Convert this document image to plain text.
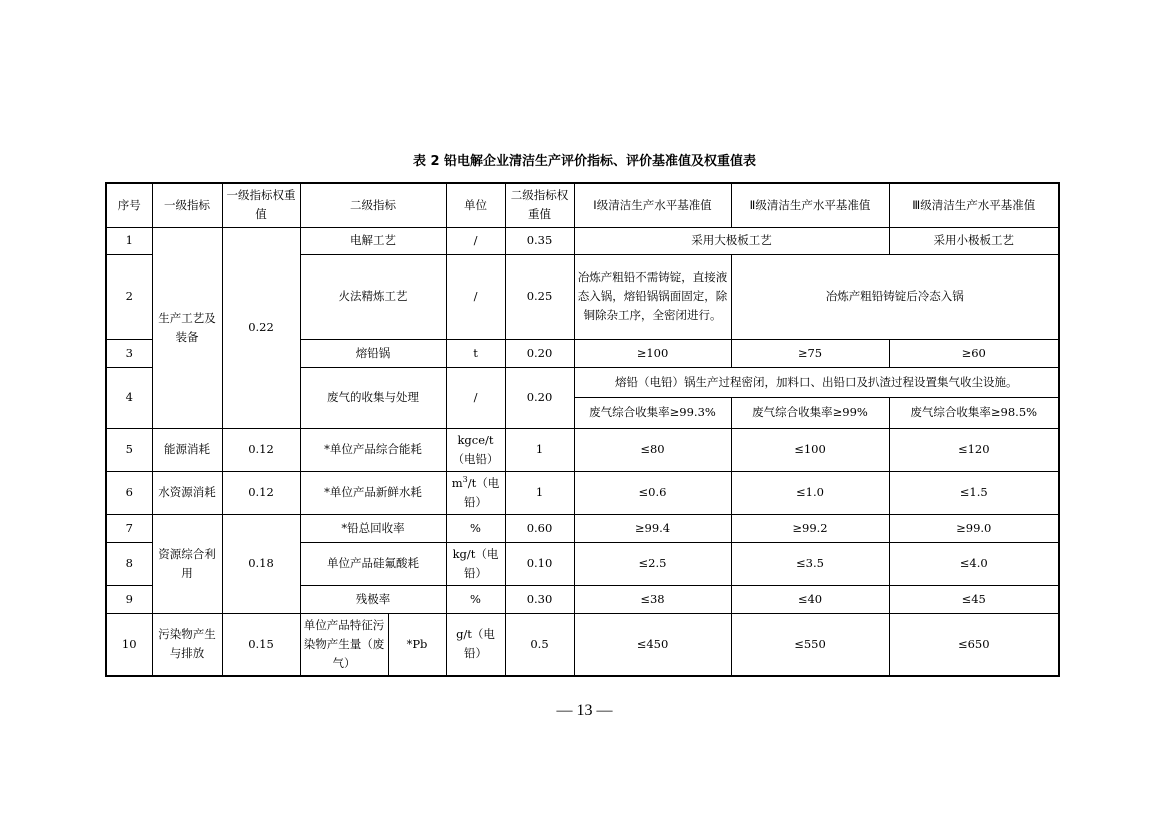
表 2 铅电解企业清洁生产评价指标、评价基准值及权重值表
序号	一级指标	一级指标权重值	二级指标		单位	二级指标权重值	Ⅰ级清洁生产水平基准值	Ⅱ级清洁生产水平基准值	Ⅲ级清洁生产水平基准值
1	生产工艺及装备	0.22	电解工艺		/	0.35	采用大极板工艺		采用小极板工艺
2			火法精炼工艺		/	0.25	冶炼产粗铅不需铸锭，直接液态入锅，熔铅锅锅面固定，除铜除杂工序，全密闭进行。	冶炼产粗铅铸锭后冷态入锅	
3			熔铅锅		t	0.20	≥100	≥75	≥60
4			废气的收集与处理		/	0.20	熔铅（电铅）锅生产过程密闭，加料口、出铅口及扒渣过程设置集气收尘设施。		
							废气综合收集率≥99.3%	废气综合收集率≥99%	废气综合收集率≥98.5%
5	能源消耗	0.12	*单位产品综合能耗		kgce/t（电铅）	1	≤80	≤100	≤120
6	水资源消耗	0.12	*单位产品新鲜水耗		$m^3/t$（电铅）	1	≤0.6	≤1.0	≤1.5
7	资源综合利用	0.18	*铅总回收率		%	0.60	≥99.4	≥99.2	≥99.0
8			单位产品硅氟酸耗		kg/t（电铅）	0.10	≤2.5	≤3.5	≤4.0
9			残极率		%	0.30	≤38	≤40	≤45
10	污染物产生与排放	0.15	单位产品特征污染物产生量（废气）	*Pb	g/t（电铅）	0.5	≤450	≤550	≤650
— 13 —
